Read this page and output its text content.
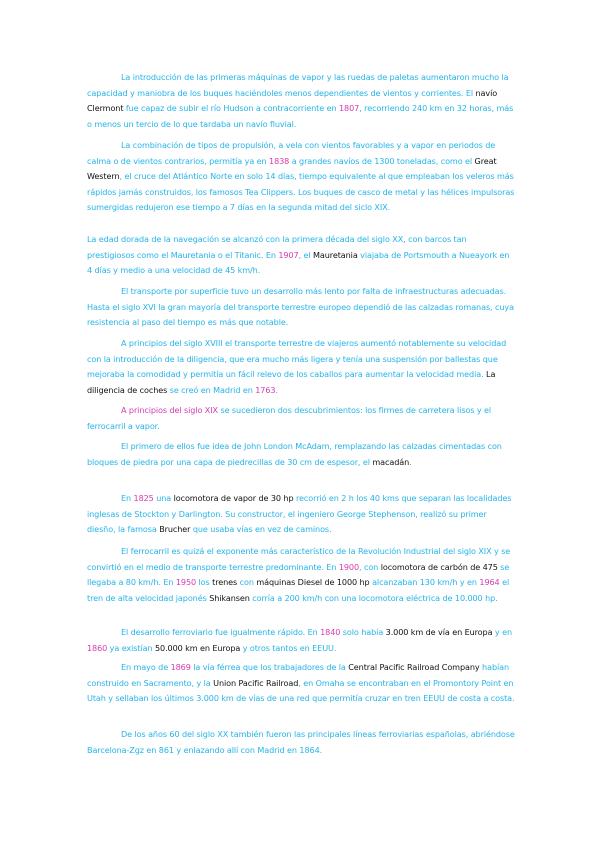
La introducción de las primeras máquinas de vapor y las ruedas de paletas aumentaron mucho la capacidad y maniobra de los buques haciéndoles menos dependientes de vientos y corrientes. El navío Clermont fue capaz de subir el río Hudson a contracorriente en 1807, recorriendo 240 km en 32 horas, más o menos un tercio de lo que tardaba un navío fluvial.

La combinación de tipos de propulsión, a vela con vientos favorables y a vapor en periodos de calma o de vientos contrarios, permitía ya en 1838 a grandes navíos de 1300 toneladas, como el Great Western, el cruce del Atlántico Norte en solo 14 días, tiempo equivalente al que empleaban los veleros más rápidos jamás construidos, los famosos Tea Clippers. Los buques de casco de metal y las hélices impulsoras sumergidas redujeron ese tiempo a 7 días en la segunda mitad del siclo XIX.

La edad dorada de la navegación se alcanzó con la primera década del siglo XX, con barcos tan prestigiosos como el Mauretania o el Titanic. En 1907, el Mauretania viajaba de Portsmouth a Nueayork en 4 días y medio a una velocidad de 45 km/h.

El transporte por superficie tuvo un desarrollo más lento por falta de infraestructuras adecuadas. Hasta el siglo XVI la gran mayoría del transporte terrestre europeo dependió de las calzadas romanas, cuya resistencia al paso del tiempo es más que notable.

A principios del siglo XVIII el transporte terrestre de viajeros aumentó notablemente su velocidad con la introducción de la diligencia, que era mucho más ligera y tenía una suspensión por ballestas que mejoraba la comodidad y permitía un fácil relevo de los caballos para aumentar la velocidad media. La diligencia de coches se creó en Madrid en 1763.

A principios del siglo XIX se sucedieron dos descubrimientos: los firmes de carretera lisos y el ferrocarril a vapor.

El primero de ellos fue idea de John London McAdam, remplazando las calzadas cimentadas con bloques de piedra por una capa de piedrecillas de 30 cm de espesor, el macadán.

En 1825 una locomotora de vapor de 30 hp recorrió en 2 h los 40 kms que separan las localidades inglesas de Stockton y Darlington. Su constructor, el ingeniero George Stephenson, realizó su primer diesño, la famosa Brucher que usaba vías en vez de caminos.

El ferrocarril es quizá el exponente más característico de la Revolución Industrial del siglo XIX y se convirtió en el medio de transporte terrestre predominante. En 1900, con locomotora de carbón de 475 se llegaba a 80 km/h. En 1950 los trenes con máquinas Diesel de 1000 hp alcanzaban 130 km/h y en 1964 el tren de alta velocidad japonés Shikansen corría a 200 km/h con una locomotora eléctrica de 10.000 hp.

El desarrollo ferroviario fue igualmente rápido. En 1840 solo había 3.000 km de vía en Europa y en 1860 ya existían 50.000 km en Europa y otros tantos en EEUU.

En mayo de 1869 la vía férrea que los trabajadores de la Central Pacific Railroad Company habían construido en Sacramento, y la Union Pacific Railroad, en Omaha se encontraban en el Promontory Point en Utah y sellaban los últimos 3.000 km de vías de una red que permitía cruzar en tren EEUU de costa a costa.

De los años 60 del siglo XX también fueron las principales líneas ferroviarias españolas, abriéndose Barcelona-Zgz en 861 y enlazando allí con Madrid en 1864.
